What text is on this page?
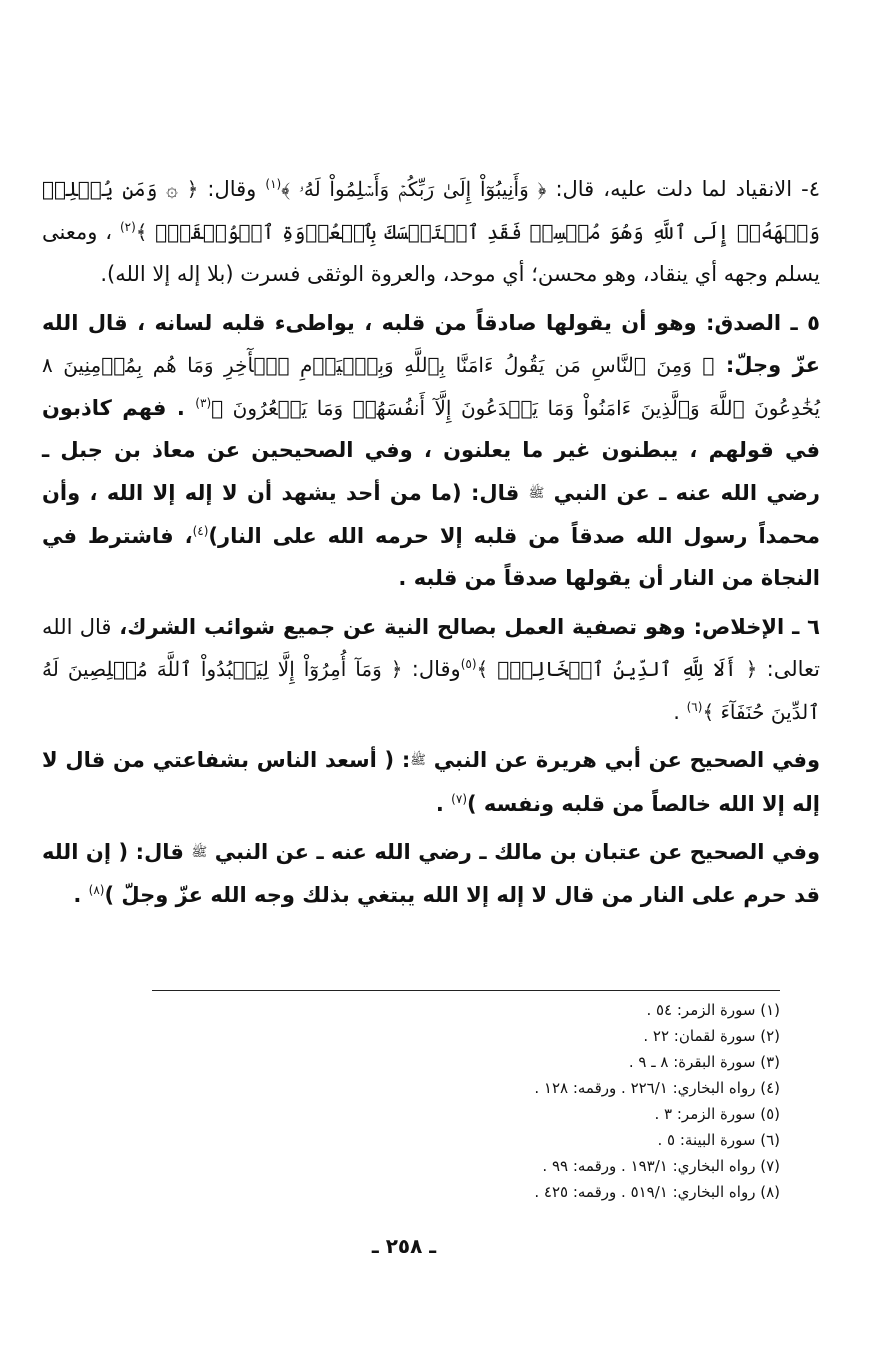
٤- الانقياد لما دلت عليه، قال: ﴿ وَأَنِيبُوٓاْ إِلَىٰ رَبِّكُمۡ وَأَسۡلِمُواْ لَهُۥ ﴾$^{(١)}$ وقال: ﴿ ۞ وَمَن يُسۡلِمۡ وَجۡهَهُۥٓ إِلَى ٱللَّهِ وَهُوَ مُحۡسِنٞ فَقَدِ ٱسۡتَمۡسَكَ بِٱلۡعُرۡوَةِ ٱلۡوُثۡقَىٰۗ ﴾$^{(٢)}$ ، ومعنى يسلم وجهه أي ينقاد، وهو محسن؛ أي موحد، والعروة الوثقى فسرت (بلا إله إلا الله).

٥ ـ الصدق: وهو أن يقولها صادقاً من قلبه ، يواطىء قلبه لسانه ، قال الله عزّ وجلّ: ﴿ وَمِنَ ٱلنَّاسِ مَن يَقُولُ ءَامَنَّا بِٱللَّهِ وَبِٱلۡيَوۡمِ ٱلۡأٓخِرِ وَمَا هُم بِمُؤۡمِنِينَ ٨ يُخَٰدِعُونَ ٱللَّهَ وَٱلَّذِينَ ءَامَنُواْ وَمَا يَخۡدَعُونَ إِلَّآ أَنفُسَهُمۡ وَمَا يَشۡعُرُونَ ﴾$^{(٣)}$ . فهم كاذبون في قولهم ، يبطنون غير ما يعلنون ، وفي الصحيحين عن معاذ بن جبل ـ رضي الله عنه ـ عن النبي ﷺ قال: (ما من أحد يشهد أن لا إله إلا الله ، وأن محمداً رسول الله صدقاً من قلبه إلا حرمه الله على النار)$^{(٤)}$، فاشترط في النجاة من النار أن يقولها صدقاً من قلبه .

٦ ـ الإخلاص: وهو تصفية العمل بصالح النية عن جميع شوائب الشرك، قال الله تعالى: ﴿ أَلَا لِلَّهِ ٱلدِّينُ ٱلۡخَالِصُۚ ﴾$^{(٥)}$وقال: ﴿ وَمَآ أُمِرُوٓاْ إِلَّا لِيَعۡبُدُواْ ٱللَّهَ مُخۡلِصِينَ لَهُ ٱلدِّينَ حُنَفَآءَ ﴾$^{(٦)}$ .

وفي الصحيح عن أبي هريرة عن النبي ﷺ: ( أسعد الناس بشفاعتي من قال لا إله إلا الله خالصاً من قلبه ونفسه )$^{(٧)}$ .

وفي الصحيح عن عتبان بن مالك ـ رضي الله عنه ـ عن النبي ﷺ قال: ( إن الله قد حرم على النار من قال لا إله إلا الله يبتغي بذلك وجه الله عزّ وجلّ )$^{(٨)}$ .

(١) سورة الزمر: ٥٤ .
(٢) سورة لقمان: ٢٢ .
(٣) سورة البقرة: ٨ ـ ٩ .
(٤) رواه البخاري: ٢٢٦/١ . ورقمه: ١٢٨ .
(٥) سورة الزمر: ٣ .
(٦) سورة البينة: ٥ .
(٧) رواه البخاري: ١٩٣/١ . ورقمه: ٩٩ .
(٨) رواه البخاري: ٥١٩/١ . ورقمه: ٤٢٥ .
ـ ٢٥٨ ـ
